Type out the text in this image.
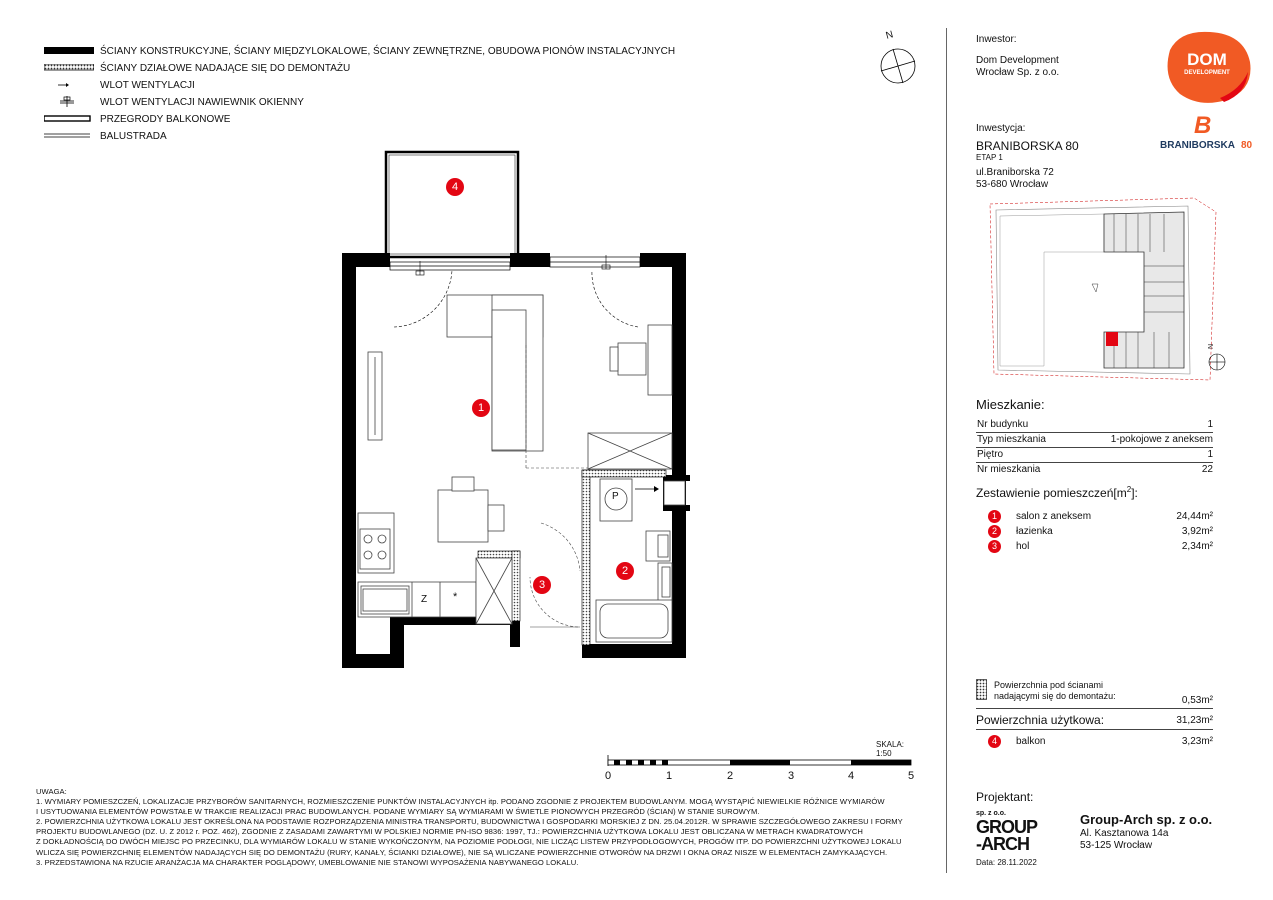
ŚCIANY KONSTRUKCYJNE, ŚCIANY MIĘDZYLOKALOWE, ŚCIANY ZEWNĘTRZNE, OBUDOWA PIONÓW INSTALACYJNYCH
ŚCIANY DZIAŁOWE NADAJĄCE SIĘ DO DEMONTAŻU
WLOT WENTYLACJI
WLOT WENTYLACJI NAWIEWNIK OKIENNY
PRZEGRODY BALKONOWE
BALUSTRADA
N
4
1
2
3
P
Z *
SKALA: 1:50
0	1	2	3	4	5
UWAGA:
1. WYMIARY POMIESZCZEŃ, LOKALIZACJE PRZYBORÓW SANITARNYCH, ROZMIESZCZENIE PUNKTÓW INSTALACYJNYCH itp. PODANO ZGODNIE Z PROJEKTEM BUDOWLANYM. MOGĄ WYSTĄPIĆ NIEWIELKIE RÓŻNICE WYMIARÓW
I USYTUOWANIA ELEMENTÓW POWSTAŁE W TRAKCIE REALIZACJI PRAC BUDOWLANYCH. PODANE WYMIARY SĄ WYMIARAMI W ŚWIETLE PIONOWYCH PRZEGRÓD (ŚCIAN) W STANIE SUROWYM.
2. POWIERZCHNIA UŻYTKOWA LOKALU JEST OKREŚLONA NA PODSTAWIE ROZPORZĄDZENIA MINISTRA TRANSPORTU, BUDOWNICTWA I GOSPODARKI MORSKIEJ Z DN. 25.04.2012R. W SPRAWIE SZCZEGÓŁOWEGO ZAKRESU I FORMY
PROJEKTU BUDOWLANEGO (DZ. U. Z 2012 r. POZ. 462), ZGODNIE Z ZASADAMI ZAWARTYMI W POLSKIEJ NORMIE PN-ISO 9836: 1997, TJ.: POWIERZCHNIA UŻYTKOWA LOKALU JEST OBLICZANA W METRACH KWADRATOWYCH
Z DOKŁADNOŚCIĄ DO DWÓCH MIEJSC PO PRZECINKU, DLA WYMIARÓW LOKALU W STANIE WYKOŃCZONYM, NA POZIOMIE PODŁOGI, NIE LICZĄC LISTEW PRZYPODŁOGOWYCH, PROGÓW ITP. DO POWIERZCHNI UŻYTKOWEJ LOKALU
WLICZA SIĘ POWIERZCHNIĘ ELEMENTÓW NADAJĄCYCH SIĘ DO DEMONTAŻU (RURY, KANAŁY, ŚCIANKI DZIAŁOWE), NIE SĄ WLICZANE POWIERZCHNIE OTWORÓW NA DRZWI I OKNA ORAZ NISZE W ELEMENTACH ZAMYKAJĄCYCH.
3. PRZEDSTAWIONA NA RZUCIE ARANŻACJA MA CHARAKTER POGLĄDOWY, UMEBLOWANIE NIE STANOWI WYPOSAŻENIA NABYWANEGO LOKALU.
Inwestor:
Dom Development
Wrocław Sp. z o.o.
DOM
DEVELOPMENT
Inwestycja:
BRANIBORSKA 80
ETAP 1
ul.Braniborska 72
53-680 Wrocław
B
BRANIBORSKA 80
N
Mieszkanie:
Nr budynku	1
Typ mieszkania	1-pokojowe z aneksem
Piętro	1
Nr mieszkania	22
Zestawienie $pomieszczeń[m^2]$:
1	salon z aneksem	24,44m²
2	łazienka	3,92m²
3	hol	2,34m²
Powierzchnia pod ścianami
nadającymi się do demontażu:	0,53m²
Powierzchnia użytkowa:	31,23m²
4	balkon	3,23m²
Projektant:
sp. z o.o.
GROUP
-ARCH
Data: 28.11.2022
Group-Arch sp. z o.o.
Al. Kasztanowa 14a
53-125 Wrocław
